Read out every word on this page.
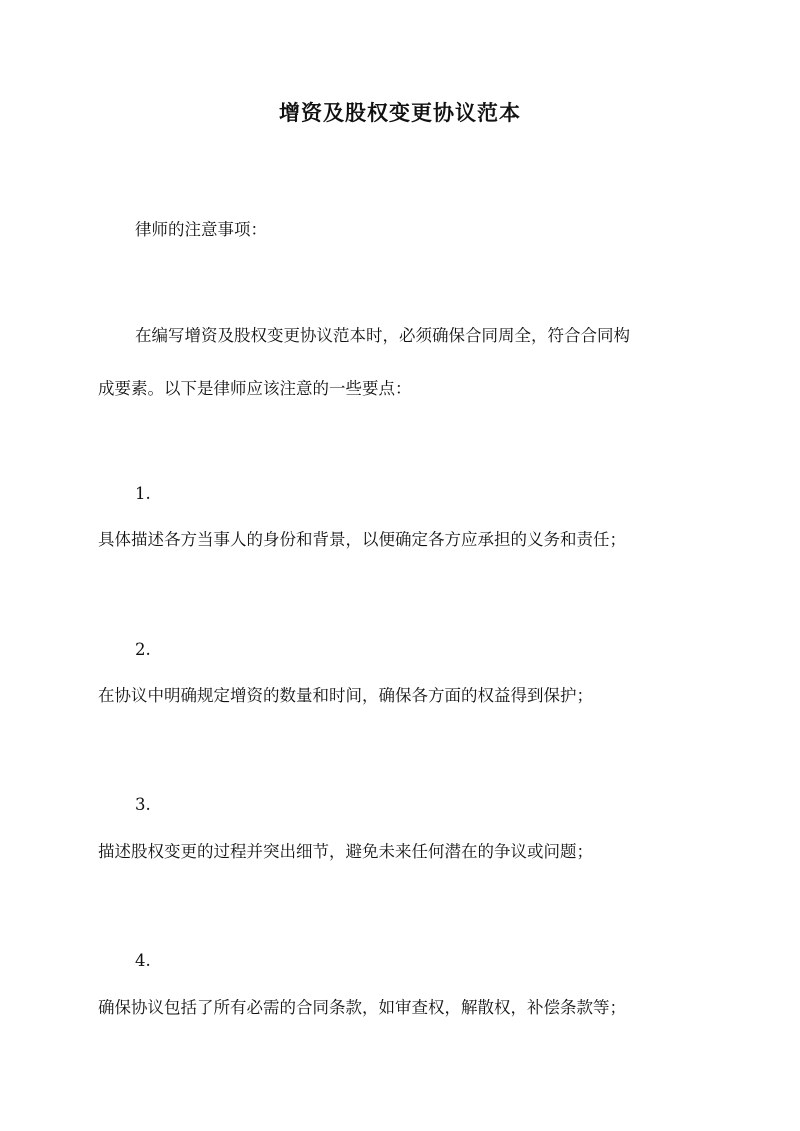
增资及股权变更协议范本
律师的注意事项：
在编写增资及股权变更协议范本时，必须确保合同周全，符合合同构
成要素。以下是律师应该注意的一些要点：
1.
具体描述各方当事人的身份和背景，以便确定各方应承担的义务和责任；
2.
在协议中明确规定增资的数量和时间，确保各方面的权益得到保护；
3.
描述股权变更的过程并突出细节，避免未来任何潜在的争议或问题；
4.
确保协议包括了所有必需的合同条款，如审查权，解散权，补偿条款等；
